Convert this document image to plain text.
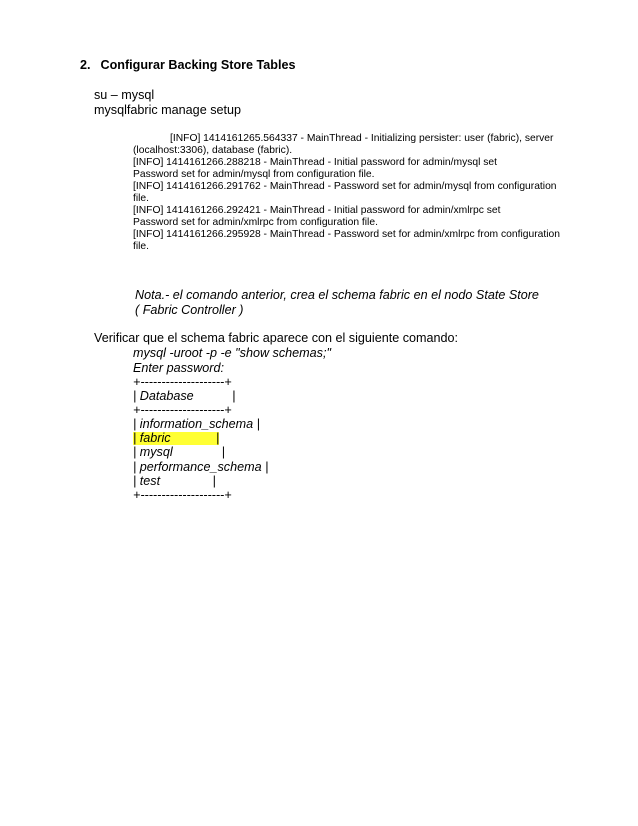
2. Configurar Backing Store Tables
su – mysql
mysqlfabric manage setup
[INFO] 1414161265.564337 - MainThread - Initializing persister: user (fabric), server
(localhost:3306), database (fabric).
[INFO] 1414161266.288218 - MainThread - Initial password for admin/mysql set
Password set for admin/mysql from configuration file.
[INFO] 1414161266.291762 - MainThread - Password set for admin/mysql from configuration
file.
[INFO] 1414161266.292421 - MainThread - Initial password for admin/xmlrpc set
Password set for admin/xmlrpc from configuration file.
[INFO] 1414161266.295928 - MainThread - Password set for admin/xmlrpc from configuration
file.
Nota.- el comando anterior, crea el schema fabric en el nodo State Store
( Fabric Controller )
Verificar que el schema fabric aparece con el siguiente comando:
mysql -uroot -p -e "show schemas;"
Enter password:
+--------------------+
| Database           |
+--------------------+
| information_schema |
| fabric             |
| mysql              |
| performance_schema |
| test               |
+--------------------+
